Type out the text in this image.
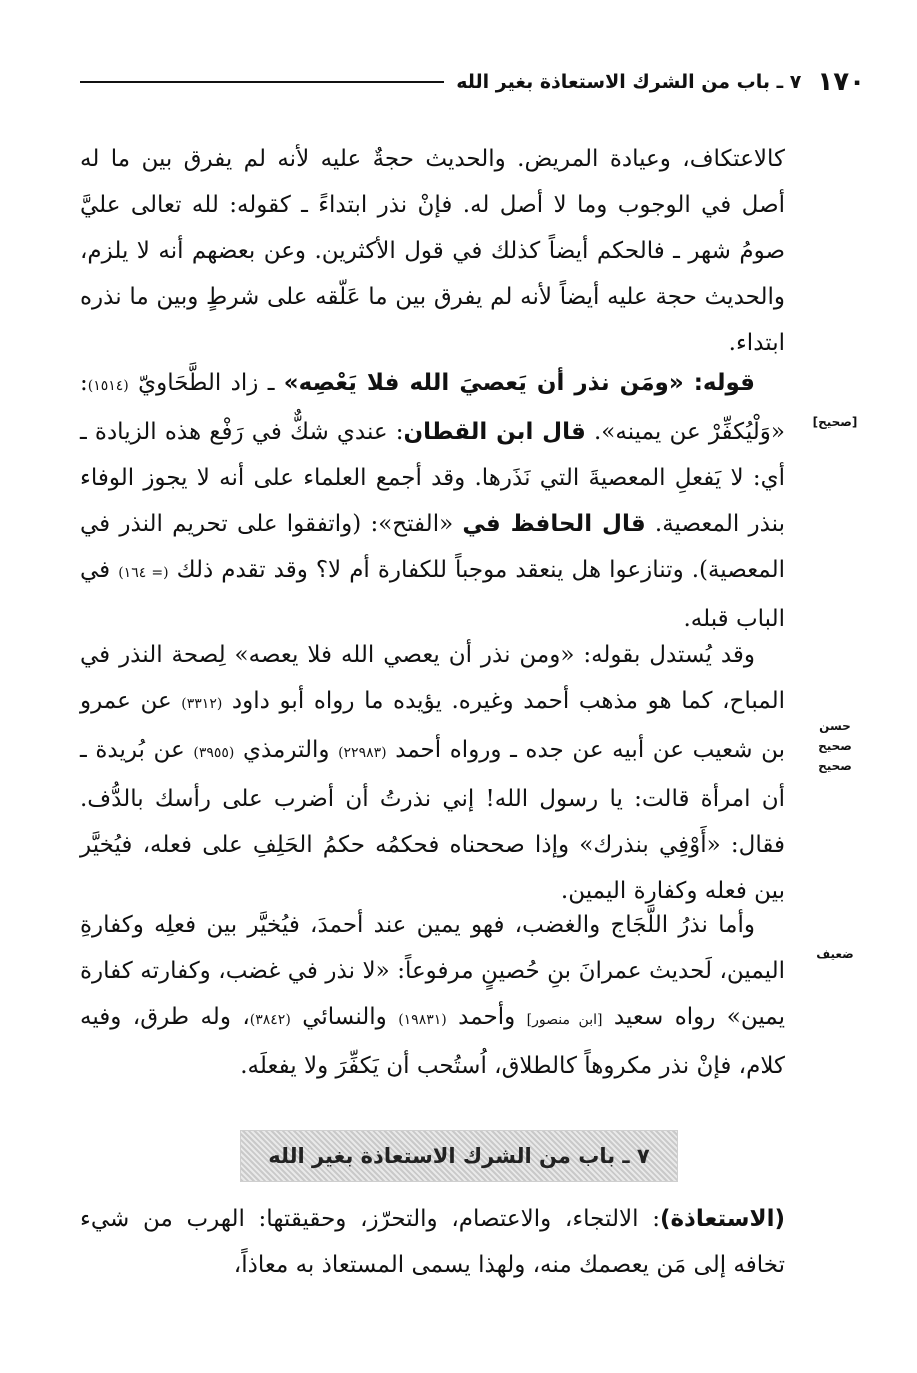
١٧٠
٧ ـ باب من الشرك الاستعاذة بغير الله

كالاعتكاف، وعيادة المريض. والحديث حجةٌ عليه لأنه لم يفرق بين ما له أصل في الوجوب وما لا أصل له. فإنْ نذر ابتداءً ـ كقوله: لله تعالى عليَّ صومُ شهر ـ فالحكم أيضاً كذلك في قول الأكثرين. وعن بعضهم أنه لا يلزم، والحديث حجة عليه أيضاً لأنه لم يفرق بين ما عَلّقه على شرطٍ وبين ما نذره ابتداء.

قوله: «ومَن نذر أن يَعصيَ الله فلا يَعْصِه» ـ زاد الطَّحَاويّ (١٥١٤): «وَلْيُكفِّرْ عن يمينه». قال ابن القطان: عندي شكٌّ في رَفْع هذه الزيادة ـ أي: لا يَفعلِ المعصيةَ التي نَذَرها. وقد أجمع العلماء على أنه لا يجوز الوفاء بنذر المعصية. قال الحافظ في «الفتح»: (واتفقوا على تحريم النذر في المعصية). وتنازعوا هل ينعقد موجباً للكفارة أم لا؟ وقد تقدم ذلك (= ١٦٤) في الباب قبله.

وقد يُستدل بقوله: «ومن نذر أن يعصي الله فلا يعصه» لِصحة النذر في المباح، كما هو مذهب أحمد وغيره. يؤيده ما رواه أبو داود (٣٣١٢) عن عمرو بن شعيب عن أبيه عن جده ـ ورواه أحمد (٢٢٩٨٣) والترمذي (٣٩٥٥) عن بُريدة ـ أن امرأة قالت: يا رسول الله! إني نذرتُ أن أضرب على رأسك بالدُّف. فقال: «أَوْفِي بنذرك» وإذا صححناه فحكمُه حكمُ الحَلِفِ على فعله، فيُخيَّر بين فعله وكفارة اليمين.

وأما نذرُ اللَّجَاج والغضب، فهو يمين عند أحمدَ، فيُخيَّر بين فعلِه وكفارةِ اليمين، لَحديث عمرانَ بنِ حُصينٍ مرفوعاً: «لا نذر في غضب، وكفارته كفارة يمين» رواه سعيد [ابن منصور] وأحمد (١٩٨٣١) والنسائي (٣٨٤٢)، وله طرق، وفيه كلام، فإنْ نذر مكروهاً كالطلاق، اُستُحب أن يَكفِّرَ ولا يفعلَه.

٧ ـ باب من الشرك الاستعاذة بغير الله

(الاستعاذة): الالتجاء، والاعتصام، والتحرّز، وحقيقتها: الهرب من شيء تخافه إلى مَن يعصمك منه، ولهذا يسمى المستعاذ به معاذاً،

[صحيح]
حسن
صحيح
صحيح
ضعيف
